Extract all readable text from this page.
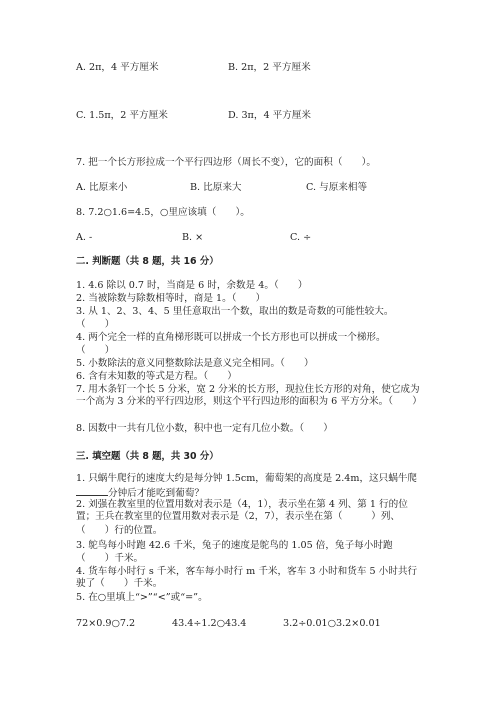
A. 2π，4 平方厘米	B. 2π，2 平方厘米
C. 1.5π，2 平方厘米	D. 3π，4 平方厘米
7. 把一个长方形拉成一个平行四边形（周长不变），它的面积（　　）。
A. 比原来小	B. 比原来大	C. 与原来相等
8. 7.2○1.6=4.5，○里应该填（　　）。
A. -	B. ×	C. ÷
二. 判断题（共 8 题，共 16 分）
1. 4.6 除以 0.7 时，当商是 6 时，余数是 4。（　　）
2. 当被除数与除数相等时，商是 1。（　　）
3. 从 1、2、3、4、5 里任意取出一个数，取出的数是奇数的可能性较大。
（　　）
4. 两个完全一样的直角梯形既可以拼成一个长方形也可以拼成一个梯形。
（　　）
5. 小数除法的意义同整数除法是意义完全相同。（　　）
6. 含有未知数的等式是方程。（　　）
7. 用木条钉一个长 5 分米，宽 2 分米的长方形，现拉住长方形的对角，使它成为一个高为 3 分米的平行四边形，则这个平行四边形的面积为 6 平方分米。（　　）
8. 因数中一共有几位小数，积中也一定有几位小数。（　　）
三. 填空题（共 8 题，共 30 分）
1. 只蜗牛爬行的速度大约是每分钟 1.5cm，葡萄架的高度是 2.4m，这只蜗牛爬
分钟后才能吃到葡萄？
2. 刘强在教室里的位置用数对表示是（4，1），表示坐在第 4 列、第 1 行的位置；王兵在教室里的位置用数对表示是（2，7），表示坐在第（　　　）列、
（　　）行的位置。
3. 鸵鸟每小时跑 42.6 千米，兔子的速度是鸵鸟的 1.05 倍，兔子每小时跑
（　　）千米。
4. 货车每小时行 s 千米，客车每小时行 m 千米，客车 3 小时和货车 5 小时共行驶了（　　）千米。
5. 在○里填上“>”“<”或“=”。
72×0.9○7.2	43.4÷1.2○43.4	3.2÷0.01○3.2×0.01
